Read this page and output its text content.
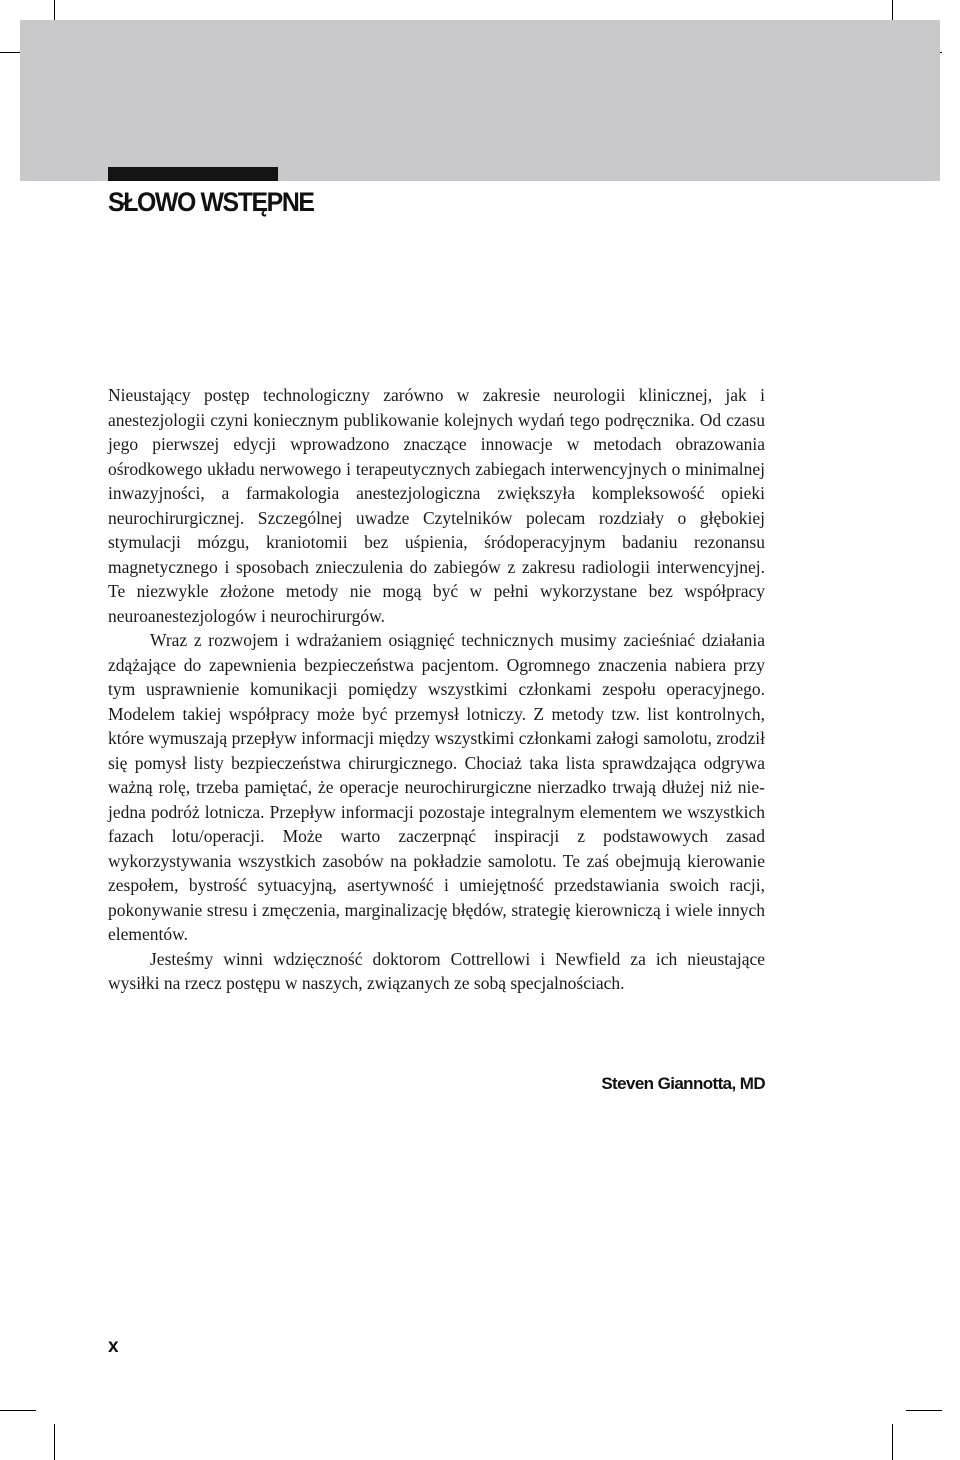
SŁOWO WSTĘPNE

Nieustający postęp technologiczny zarówno w zakresie neurologii klinicznej, jak i anestezjologii czyni koniecznym publikowanie kolejnych wydań tego podręcznika. Od czasu jego pierwszej edycji wprowadzono znaczące innowacje w metodach obrazowania ośrodkowego układu nerwowego i terapeutycznych zabiegach interwencyjnych o minimalnej inwazyjności, a farmakologia anestezjologiczna zwiększyła kompleksowość opieki neurochirurgicznej. Szczególnej uwadze Czytelników polecam rozdziały o głębokiej stymulacji mózgu, kraniotomii bez uśpienia, śródoperacyjnym badaniu rezonansu magnetycznego i sposobach znieczulenia do zabiegów z zakresu radiologii interwencyjnej. Te niezwykle złożone metody nie mogą być w pełni wykorzystane bez współpracy neuroanestezjologów i neurochirurgów.

Wraz z rozwojem i wdrażaniem osiągnięć technicznych musimy zacieśniać działania zdążające do zapewnienia bezpieczeństwa pacjentom. Ogromnego znaczenia nabiera przy tym usprawnienie komunikacji pomiędzy wszystkimi członkami zespołu operacyjnego. Modelem takiej współpracy może być przemysł lotniczy. Z metody tzw. list kontrolnych, które wymuszają przepływ informacji między wszystkimi członkami załogi samolotu, zrodził się pomysł listy bezpieczeństwa chirurgicznego. Chociaż taka lista sprawdzająca odgrywa ważną rolę, trzeba pamiętać, że operacje neurochirurgiczne nierzadko trwają dłużej niż niejedna podróż lotnicza. Przepływ informacji pozostaje integralnym elementem we wszystkich fazach lotu/operacji. Może warto zaczerpnąć inspiracji z podstawowych zasad wykorzystywania wszystkich zasobów na pokładzie samolotu. Te zaś obejmują kierowanie zespołem, bystrość sytuacyjną, asertywność i umiejętność przedstawiania swoich racji, pokonywanie stresu i zmęczenia, marginalizację błędów, strategię kierowniczą i wiele innych elementów.

Jesteśmy winni wdzięczność doktorom Cottrellowi i Newfield za ich nieustające wysiłki na rzecz postępu w naszych, związanych ze sobą specjalnościach.

Steven Giannotta, MD
x
